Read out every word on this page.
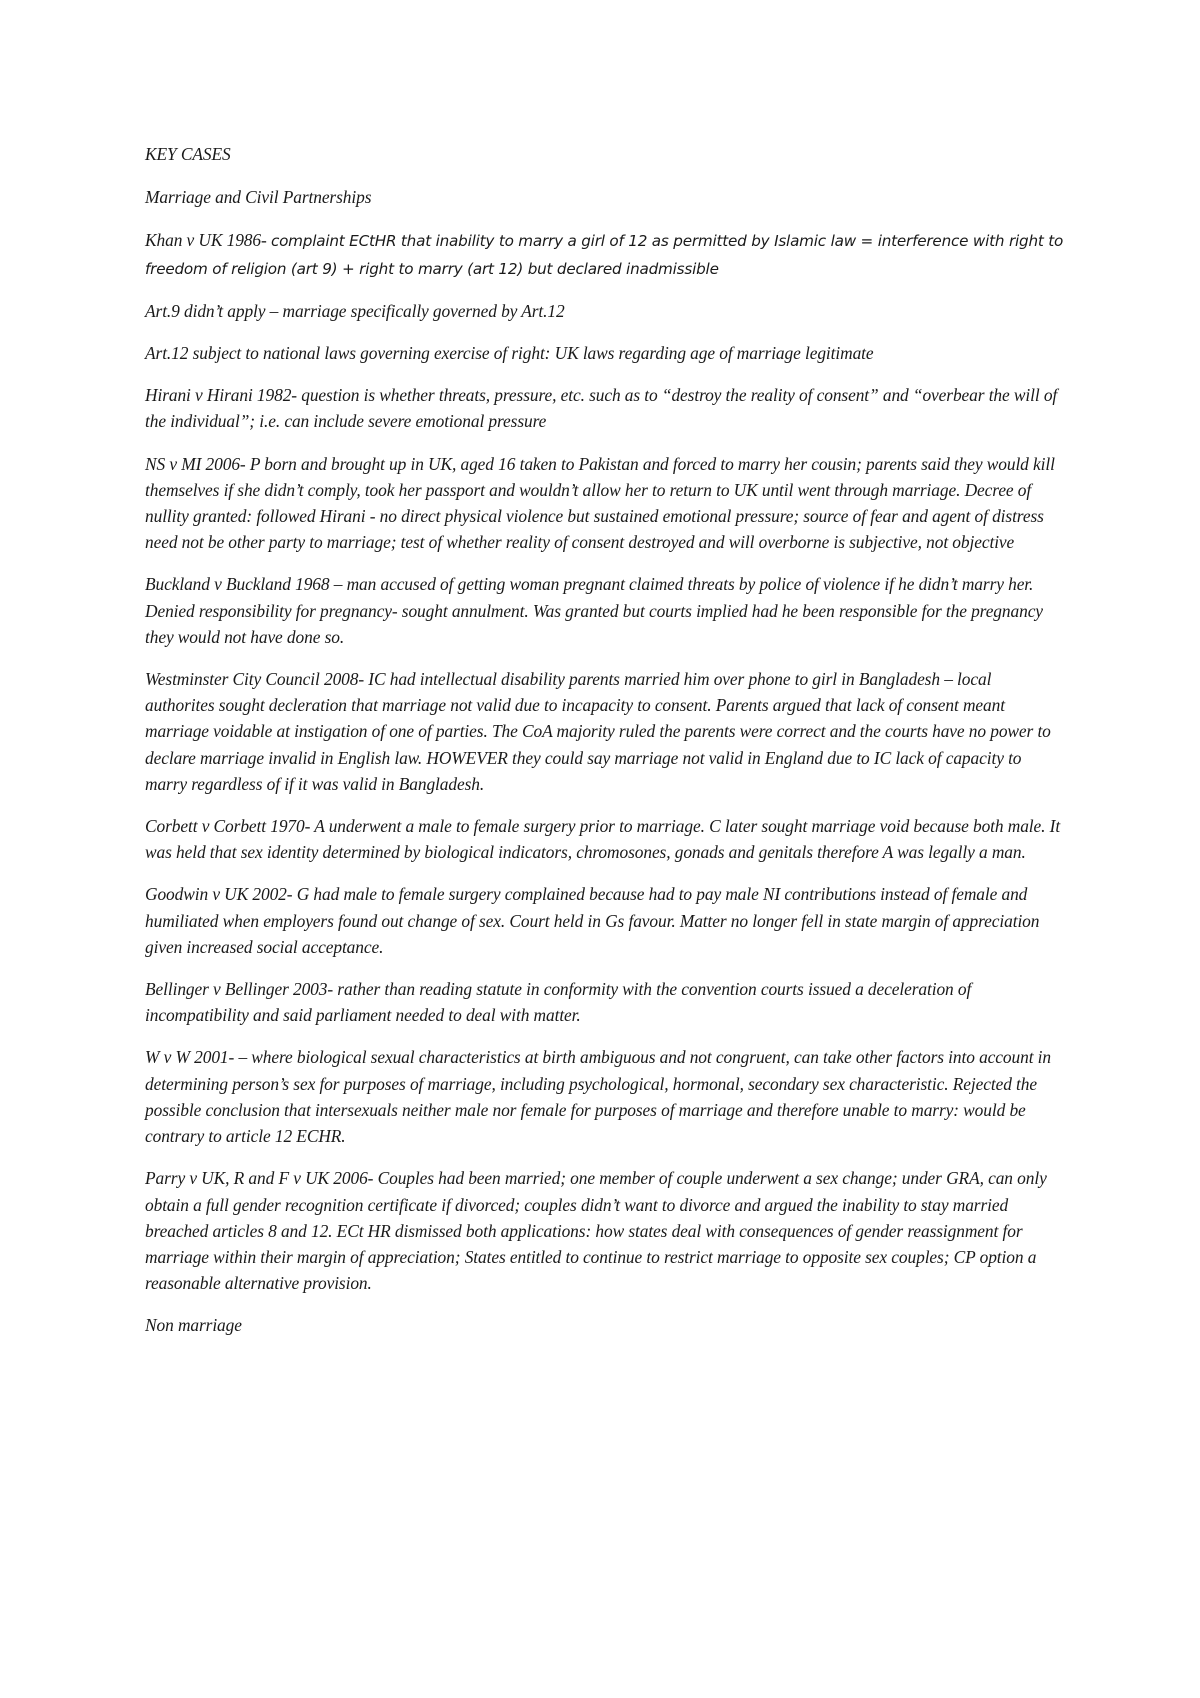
KEY CASES

Marriage and Civil Partnerships

Khan v UK 1986- complaint ECtHR that inability to marry a girl of 12 as permitted by Islamic law = interference with right to freedom of religion (art 9) + right to marry (art 12) but declared inadmissible

Art.9 didn’t apply – marriage specifically governed by Art.12

Art.12 subject to national laws governing exercise of right: UK laws regarding age of marriage legitimate

Hirani v Hirani 1982- question is whether threats, pressure, etc. such as to “destroy the reality of consent” and “overbear the will of the individual”; i.e. can include severe emotional pressure

NS v MI 2006- P born and brought up in UK, aged 16 taken to Pakistan and forced to marry her cousin; parents said they would kill themselves if she didn’t comply, took her passport and wouldn’t allow her to return to UK until went through marriage. Decree of nullity granted: followed Hirani - no direct physical violence but sustained emotional pressure; source of fear and agent of distress need not be other party to marriage; test of whether reality of consent destroyed and will overborne is subjective, not objective

Buckland v Buckland 1968 – man accused of getting woman pregnant claimed threats by police of violence if he didn’t marry her. Denied responsibility for pregnancy- sought annulment. Was granted but courts implied had he been responsible for the pregnancy they would not have done so.

Westminster City Council 2008- IC had intellectual disability parents married him over phone to girl in Bangladesh – local authorites sought decleration that marriage not valid due to incapacity to consent. Parents argued that lack of consent meant marriage voidable at instigation of one of parties. The CoA majority ruled the parents were correct and the courts have no power to declare marriage invalid in English law. HOWEVER they could say marriage not valid in England due to IC lack of capacity to marry regardless of if it was valid in Bangladesh.

Corbett v Corbett 1970- A underwent a male to female surgery prior to marriage. C later sought marriage void because both male. It was held that sex identity determined by biological indicators, chromosones, gonads and genitals therefore A was legally a man.

Goodwin v UK 2002- G had male to female surgery complained because had to pay male NI contributions instead of female and humiliated when employers found out change of sex. Court held in Gs favour. Matter no longer fell in state margin of appreciation given increased social acceptance.

Bellinger v Bellinger 2003- rather than reading statute in conformity with the convention courts issued a deceleration of incompatibility and said parliament needed to deal with matter.

W v W 2001- – where biological sexual characteristics at birth ambiguous and not congruent, can take other factors into account in determining person’s sex for purposes of marriage, including psychological, hormonal, secondary sex characteristic. Rejected the possible conclusion that intersexuals neither male nor female for purposes of marriage and therefore unable to marry: would be contrary to article 12 ECHR.

Parry v UK, R and F v UK 2006- Couples had been married; one member of couple underwent a sex change; under GRA, can only obtain a full gender recognition certificate if divorced; couples didn’t want to divorce and argued the inability to stay married breached articles 8 and 12. ECt HR dismissed both applications: how states deal with consequences of gender reassignment for marriage within their margin of appreciation; States entitled to continue to restrict marriage to opposite sex couples; CP option a reasonable alternative provision.

Non marriage
